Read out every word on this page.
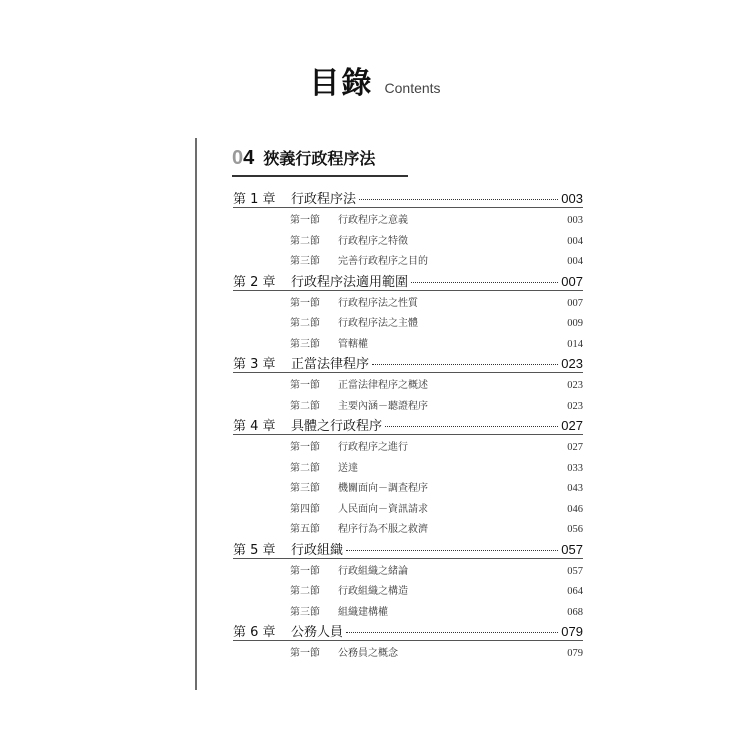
目錄 Contents
04 狹義行政程序法
第 1 章	行政程序法	003
第一節	行政程序之意義	003
第二節	行政程序之特徵	004
第三節	完善行政程序之目的	004
第 2 章	行政程序法適用範圍	007
第一節	行政程序法之性質	007
第二節	行政程序法之主體	009
第三節	管轄權	014
第 3 章	正當法律程序	023
第一節	正當法律程序之概述	023
第二節	主要內涵－聽證程序	023
第 4 章	具體之行政程序	027
第一節	行政程序之進行	027
第二節	送達	033
第三節	機關面向－調查程序	043
第四節	人民面向－資訊請求	046
第五節	程序行為不服之救濟	056
第 5 章	行政組織	057
第一節	行政組織之緒論	057
第二節	行政組織之構造	064
第三節	組織建構權	068
第 6 章	公務人員	079
第一節	公務員之概念	079
